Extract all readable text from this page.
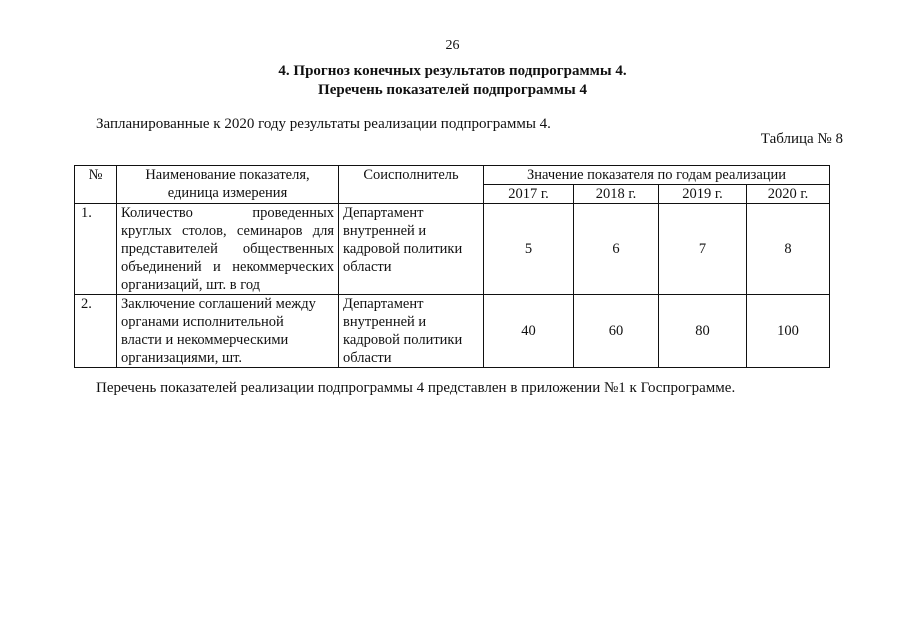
26
4. Прогноз конечных результатов подпрограммы 4.
Перечень показателей подпрограммы 4
Запланированные к 2020 году результаты реализации подпрограммы 4.
Таблица № 8
№	Наименование показателя,
единица измерения	Соисполнитель	Значение показателя по годам реализации			
			2017 г.	2018 г.	2019 г.	2020 г.
1.	Количество проведенных
круглых столов, семинаров для
представителей общественных
объединений и некоммерческих
организаций, шт. в год	Департамент
внутренней и
кадровой политики
области	5	6	7	8
2.	Заключение соглашений между
органами исполнительной
власти и некоммерческими
организациями, шт.	Департамент
внутренней и
кадровой политики
области	40	60	80	100
Перечень показателей реализации подпрограммы 4 представлен в приложении №1 к Госпрограмме.
